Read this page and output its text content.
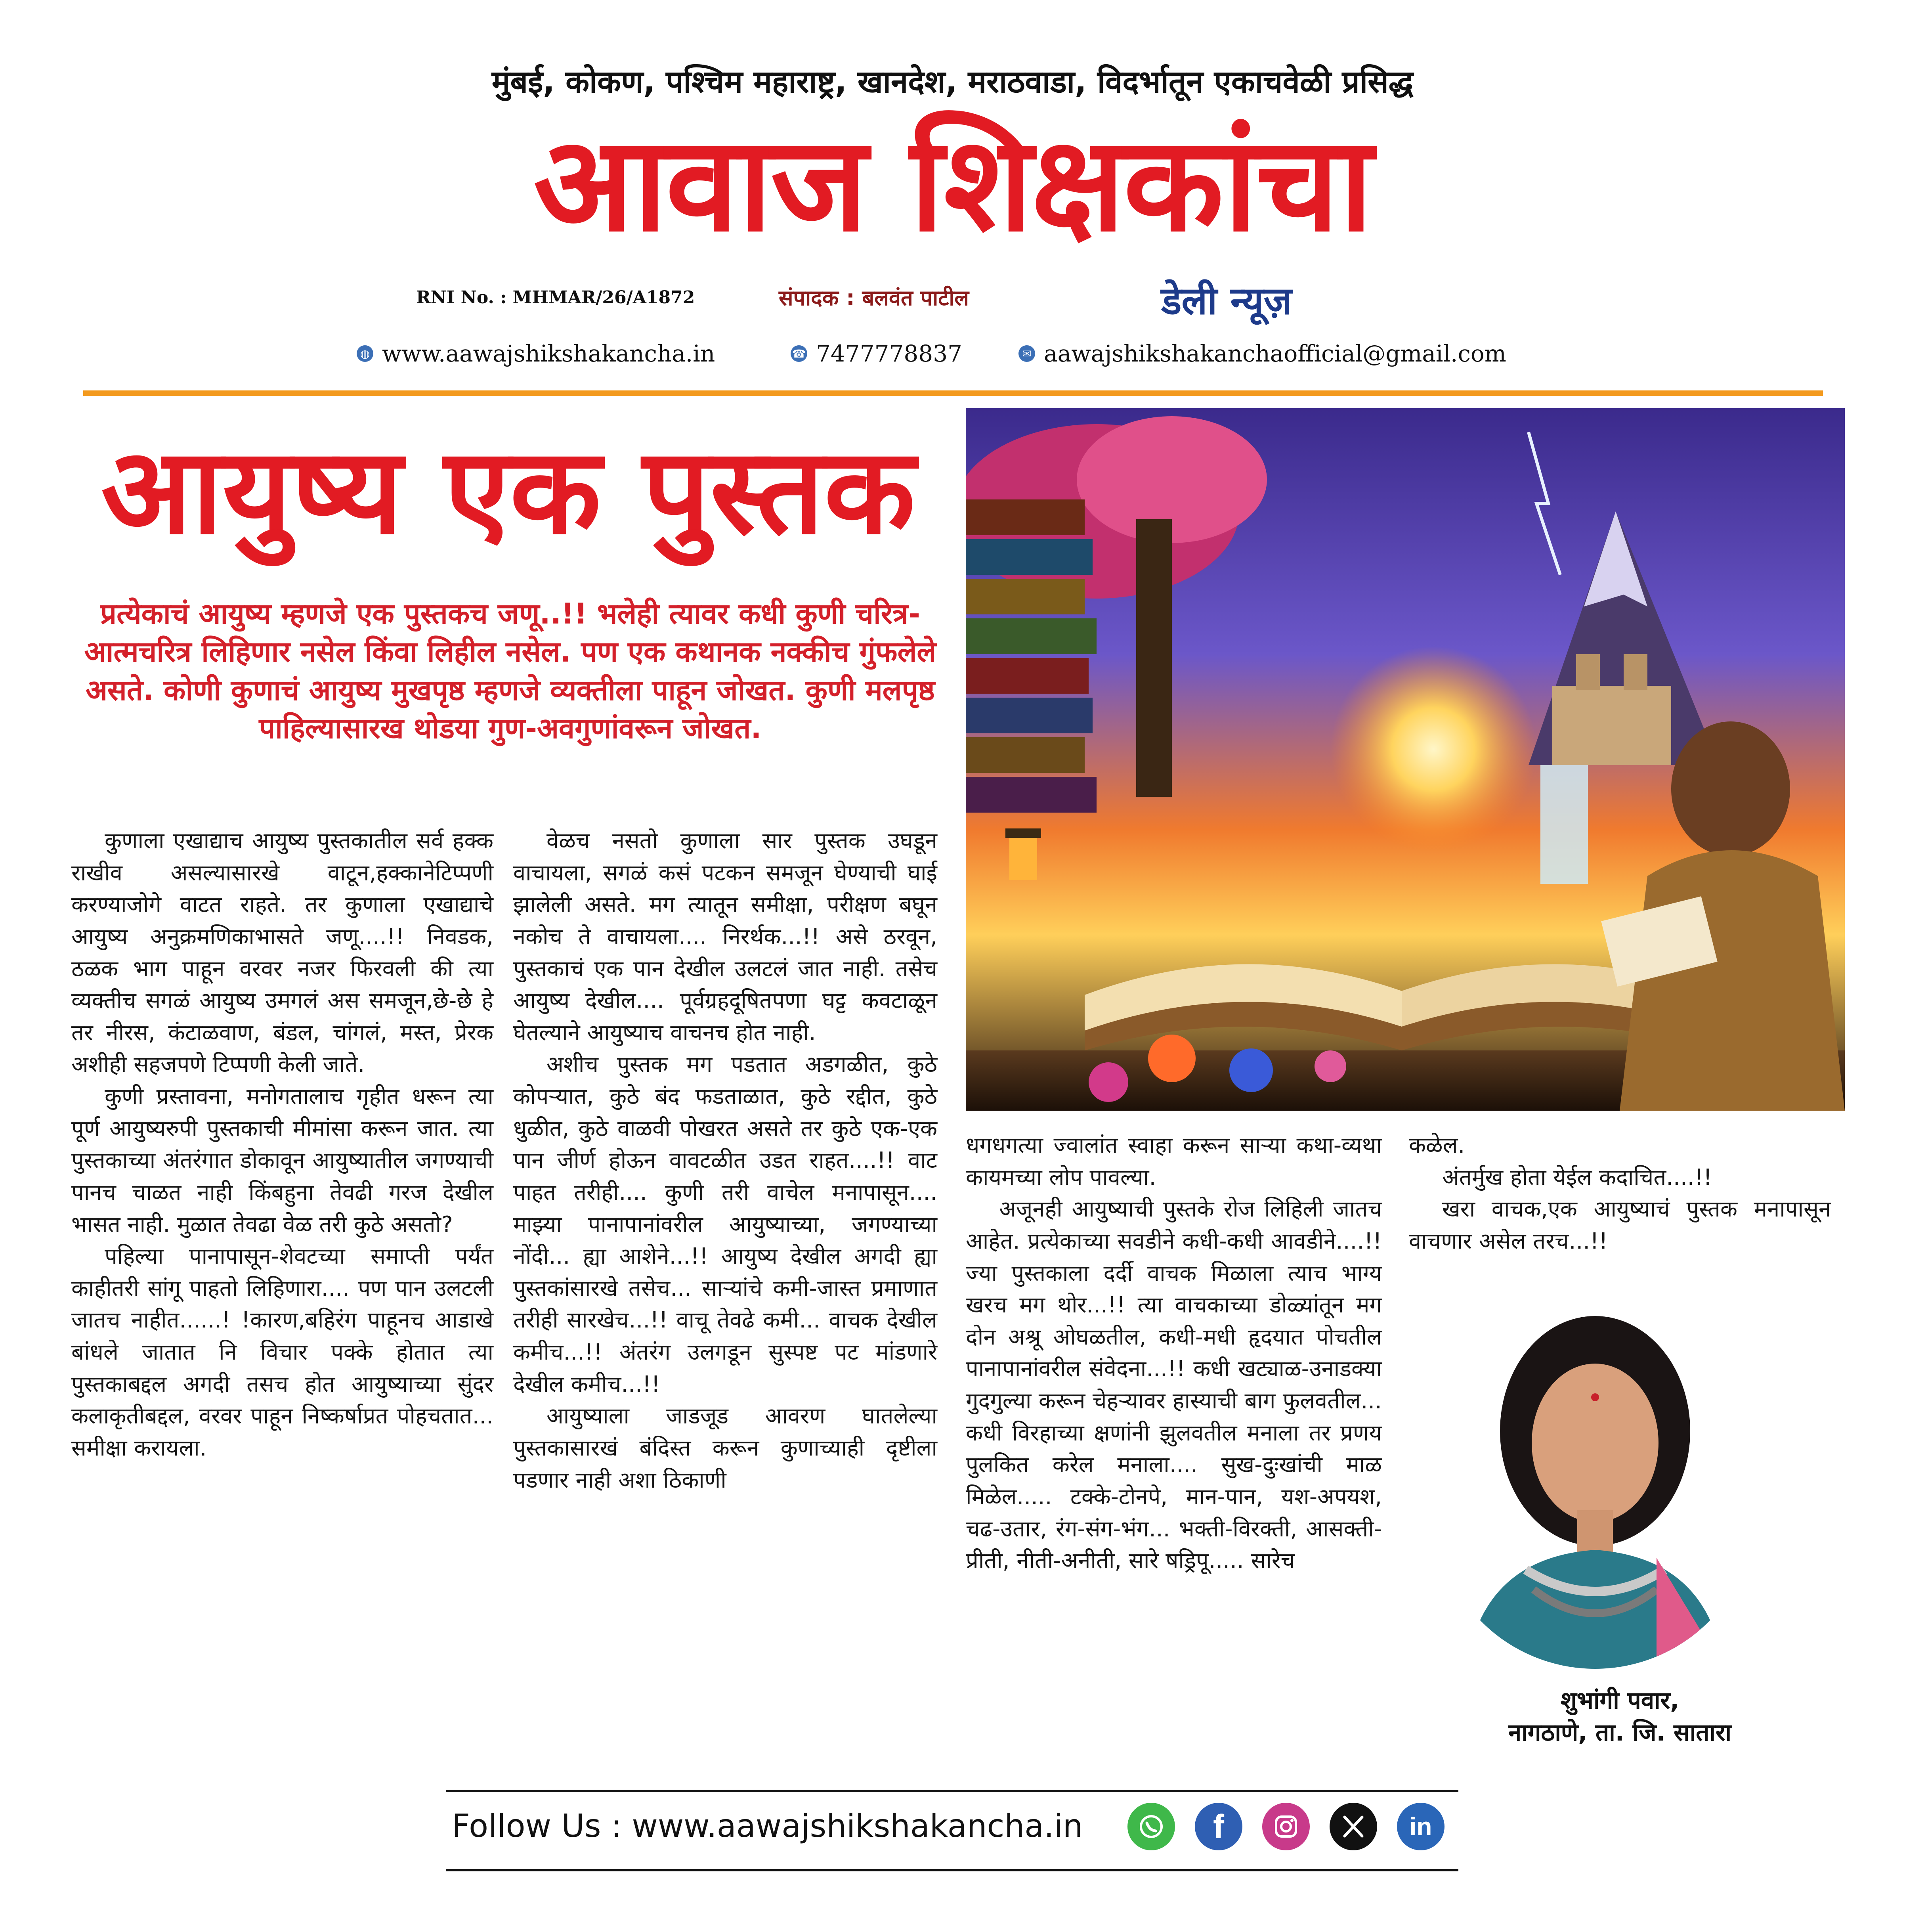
मुंबई, कोकण, पश्चिम महाराष्ट्र, खानदेश, मराठवाडा, विदर्भातून एकाचवेळी प्रसिद्ध
आवाज शिक्षकांचा
RNI No. : MHMAR/26/A1872	संपादक : बलवंत पाटील	डेली न्यूज़
◍ www.aawajshikshakancha.in	☎ 7477778837	✉ aawajshikshakanchaofficial@gmail.com
आयुष्य एक पुस्तक
प्रत्येकाचं आयुष्य म्हणजे एक पुस्तकच जणू..!! भलेही त्यावर कधी कुणी चरित्र-आत्मचरित्र लिहिणार नसेल किंवा लिहील नसेल. पण एक कथानक नक्कीच गुंफलेले असते. कोणी कुणाचं आयुष्य मुखपृष्ठ म्हणजे व्यक्तीला पाहून जोखत. कुणी मलपृष्ठ पाहिल्यासारख थोडया गुण-अवगुणांवरून जोखत.

कुणाला एखाद्याच आयुष्य पुस्तकातील सर्व हक्क राखीव असल्यासारखे वाटून,हक्कानेटिप्पणी करण्याजोगे वाटत राहते. तर कुणाला एखाद्याचे आयुष्य अनुक्रमणिकाभासते जणू....!! निवडक, ठळक भाग पाहून वरवर नजर फिरवली की त्या व्यक्तीच सगळं आयुष्य उमगलं अस समजून,छे-छे हे तर नीरस, कंटाळवाण, बंडल, चांगलं, मस्त, प्रेरक अशीही सहजपणे टिप्पणी केली जाते.

कुणी प्रस्तावना, मनोगतालाच गृहीत धरून त्या पूर्ण आयुष्यरुपी पुस्तकाची मीमांसा करून जात. त्या पुस्तकाच्या अंतरंगात डोकावून आयुष्यातील जगण्याची पानच चाळत नाही किंबहुना तेवढी गरज देखील भासत नाही. मुळात तेवढा वेळ तरी कुठे असतो?

पहिल्या पानापासून-शेवटच्या समाप्ती पर्यंत काहीतरी सांगू पाहतो लिहिणारा.... पण पान उलटली जातच नाहीत......! !कारण,बहिरंग पाहूनच आडाखे बांधले जातात नि विचार पक्के होतात त्या पुस्तकाबद्दल अगदी तसच होत आयुष्याच्या सुंदर कलाकृतीबद्दल, वरवर पाहून निष्कर्षाप्रत पोहचतात... समीक्षा करायला.

वेळच नसतो कुणाला सार पुस्तक उघडून वाचायला, सगळं कसं पटकन समजून घेण्याची घाई झालेली असते. मग त्यातून समीक्षा, परीक्षण बघून नकोच ते वाचायला.... निरर्थक...!! असे ठरवून, पुस्तकाचं एक पान देखील उलटलं जात नाही. तसेच आयुष्य देखील.... पूर्वग्रहदूषितपणा घट्ट कवटाळून घेतल्याने आयुष्याच वाचनच होत नाही.

अशीच पुस्तक मग पडतात अडगळीत, कुठे कोपऱ्यात, कुठे बंद फडताळात, कुठे रद्दीत, कुठे धुळीत, कुठे वाळवी पोखरत असते तर कुठे एक-एक पान जीर्ण होऊन वावटळीत उडत राहत....!! वाट पाहत तरीही.... कुणी तरी वाचेल मनापासून.... माझ्या पानापानांवरील आयुष्याच्या, जगण्याच्या नोंदी... ह्या आशेने...!! आयुष्य देखील अगदी ह्या पुस्तकांसारखे तसेच... साऱ्यांचे कमी-जास्त प्रमाणात तरीही सारखेच...!! वाचू तेवढे कमी... वाचक देखील कमीच...!! अंतरंग उलगडून सुस्पष्ट पट मांडणारे देखील कमीच...!!

आयुष्याला जाडजूड आवरण घातलेल्या पुस्तकासारखं बंदिस्त करून कुणाच्याही दृष्टीला पडणार नाही अशा ठिकाणी

धगधगत्या ज्वालांत स्वाहा करून साऱ्या कथा-व्यथा कायमच्या लोप पावल्या.

अजूनही आयुष्याची पुस्तके रोज लिहिली जातच आहेत. प्रत्येकाच्या सवडीने कधी-कधी आवडीने....!! ज्या पुस्तकाला दर्दी वाचक मिळाला त्याच भाग्य खरच मग थोर...!! त्या वाचकाच्या डोळ्यांतून मग दोन अश्रू ओघळतील, कधी-मधी हृदयात पोचतील पानापानांवरील संवेदना...!! कधी खट्याळ-उनाडक्या गुदगुल्या करून चेहऱ्यावर हास्याची बाग फुलवतील... कधी विरहाच्या क्षणांनी झुलवतील मनाला तर प्रणय पुलकित करेल मनाला.... सुख-दुःखांची माळ मिळेल..... टक्के-टोनपे, मान-पान, यश-अपयश, चढ-उतार, रंग-संग-भंग... भक्ती-विरक्ती, आसक्ती-प्रीती, नीती-अनीती, सारे षड्रिपू..... सारेच

कळेल.

अंतर्मुख होता येईल कदाचित....!!

खरा वाचक,एक आयुष्याचं पुस्तक मनापासून वाचणार असेल तरच...!!

शुभांगी पवार,
नागठाणे, ता. जि. सातारा
Follow Us : www.aawajshikshakancha.in	f	in
